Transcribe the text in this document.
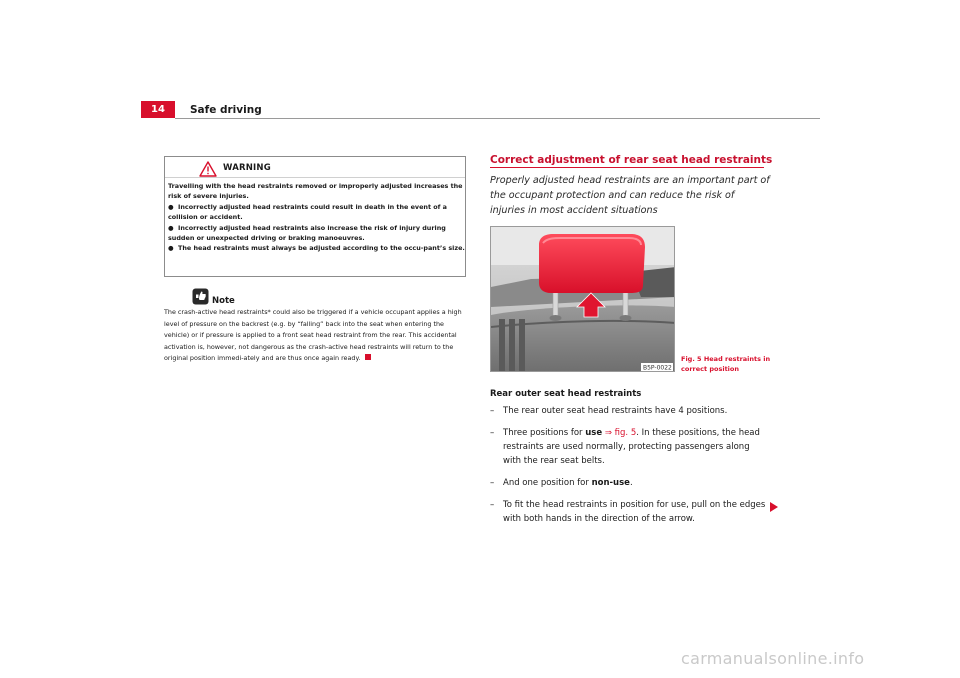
14	Safe driving
WARNING

Travelling with the head restraints removed or improperly adjusted increases the risk of severe injuries.

● Incorrectly adjusted head restraints could result in death in the event of a collision or accident.

● Incorrectly adjusted head restraints also increase the risk of injury during sudden or unexpected driving or braking manoeuvres.

● The head restraints must always be adjusted according to the occu-pant’s size.

Note
The crash-active head restraints* could also be triggered if a vehicle occupant applies a high level of pressure on the backrest (e.g. by “falling” back into the seat when entering the vehicle) or if pressure is applied to a front seat head restraint from the rear. This accidental activation is, however, not dangerous as the crash-active head restraints will return to the original position immedi-ately and are thus once again ready.
Correct adjustment of rear seat head restraints
Properly adjusted head restraints are an important part of the occupant protection and can reduce the risk of injuries in most accident situations
B5P-0022
Fig. 5 Head restraints in correct position
Rear outer seat head restraints
– The rear outer seat head restraints have 4 positions.
– Three positions for use ⇒ fig. 5. In these positions, the head restraints are used normally, protecting passengers along with the rear seat belts.
– And one position for non-use.
– To fit the head restraints in position for use, pull on the edges with both hands in the direction of the arrow.
carmanualsonline.info
